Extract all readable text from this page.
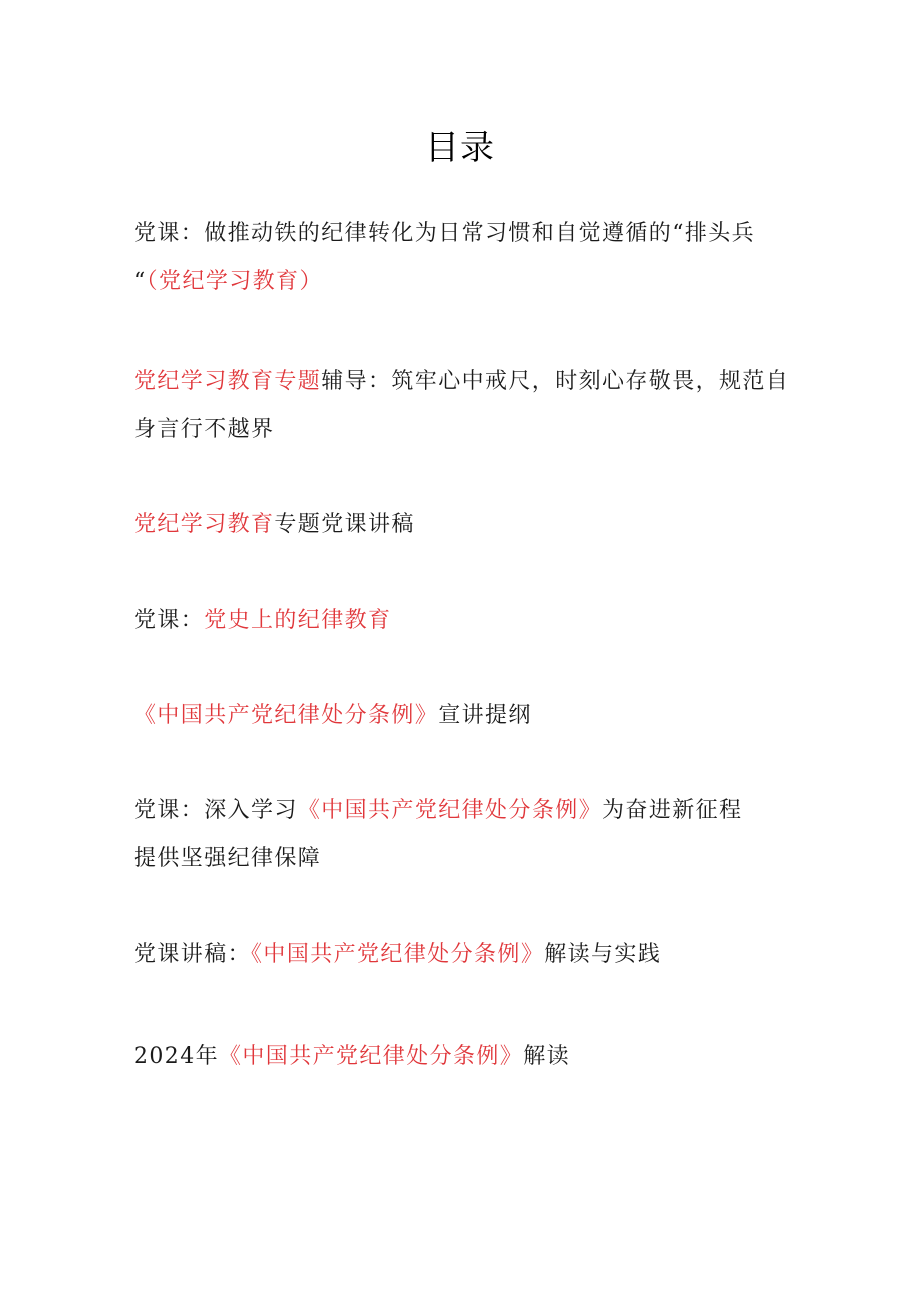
目录
党课：做推动铁的纪律转化为日常习惯和自觉遵循的“排头兵
“（党纪学习教育）
党纪学习教育专题辅导：筑牢心中戒尺，时刻心存敬畏，规范自
身言行不越界
党纪学习教育专题党课讲稿
党课：党史上的纪律教育
《中国共产党纪律处分条例》宣讲提纲
党课：深入学习《中国共产党纪律处分条例》为奋进新征程
提供坚强纪律保障
党课讲稿：《中国共产党纪律处分条例》解读与实践
2024年《中国共产党纪律处分条例》解读
